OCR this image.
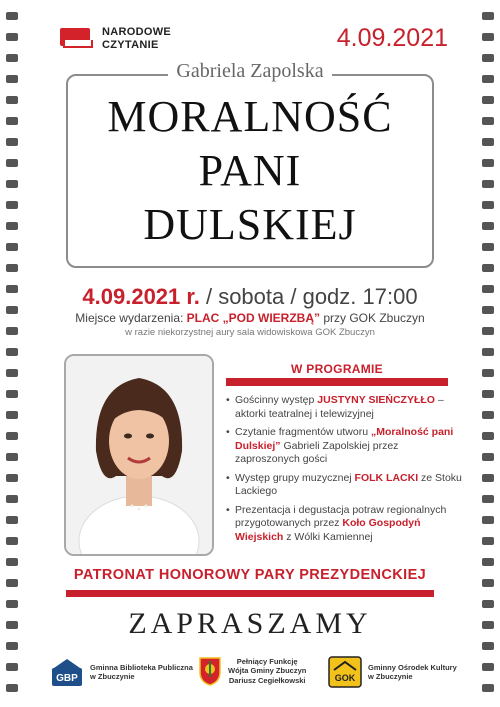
NARODOWE
CZYTANIE	4.09.2021
Gabriela Zapolska
MORALNOŚĆ
PANI
DULSKIEJ
4.09.2021 r. / sobota / godz. 17:00
Miejsce wydarzenia: PLAC „POD WIERZBĄ” przy GOK Zbuczyn
w razie niekorzystnej aury sala widowiskowa GOK Zbuczyn
W PROGRAMIE
• Gościnny występ JUSTYNY SIEŃCZYŁŁO – aktorki teatralnej i telewizyjnej
• Czytanie fragmentów utworu „Moralność pani Dulskiej” Gabrieli Zapolskiej przez zaproszonych gości
• Występ grupy muzycznej FOLK LACKI ze Stoku Lackiego
• Prezentacja i degustacja potraw regionalnych przygotowanych przez Koło Gospodyń Wiejskich z Wólki Kamiennej
PATRONAT HONOROWY PARY PREZYDENCKIEJ
ZAPRASZAMY
GBP
Gminna Biblioteka Publiczna
w Zbuczynie
Pełniący Funkcję
Wójta Gminy Zbuczyn
Dariusz Cegiełkowski	GOK
Gminny Ośrodek Kultury
w Zbuczynie
